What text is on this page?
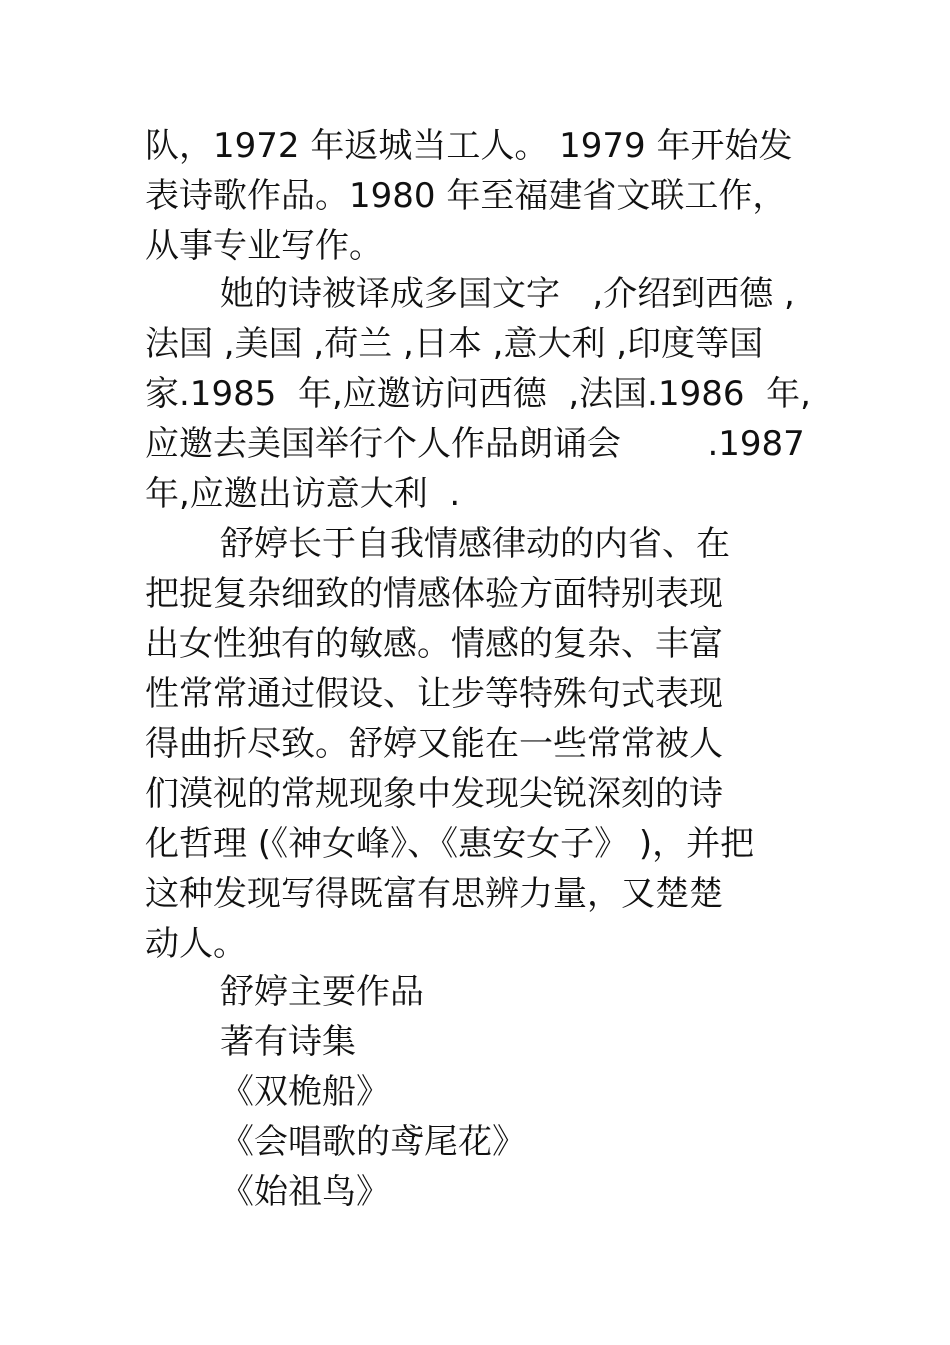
队，1972 年返城当工人。 1979 年开始发
表诗歌作品。1980 年至福建省文联工作，
从事专业写作。
她的诗被译成多国文字   ,介绍到西德 ,
法国 ,美国 ,荷兰 ,日本 ,意大利 ,印度等国
家.1985  年,应邀访问西德  ,法国.1986  年,
应邀去美国举行个人作品朗诵会        .1987
年,应邀出访意大利  .
舒婷长于自我情感律动的内省、在
把捉复杂细致的情感体验方面特别表现
出女性独有的敏感。情感的复杂、丰富
性常常通过假设、让步等特殊句式表现
得曲折尽致。舒婷又能在一些常常被人
们漠视的常规现象中发现尖锐深刻的诗
化哲理 (《神女峰》、《惠安女子》 )，并把
这种发现写得既富有思辨力量，又楚楚
动人。
舒婷主要作品
著有诗集
《双桅船》
《会唱歌的鸢尾花》
《始祖鸟》
